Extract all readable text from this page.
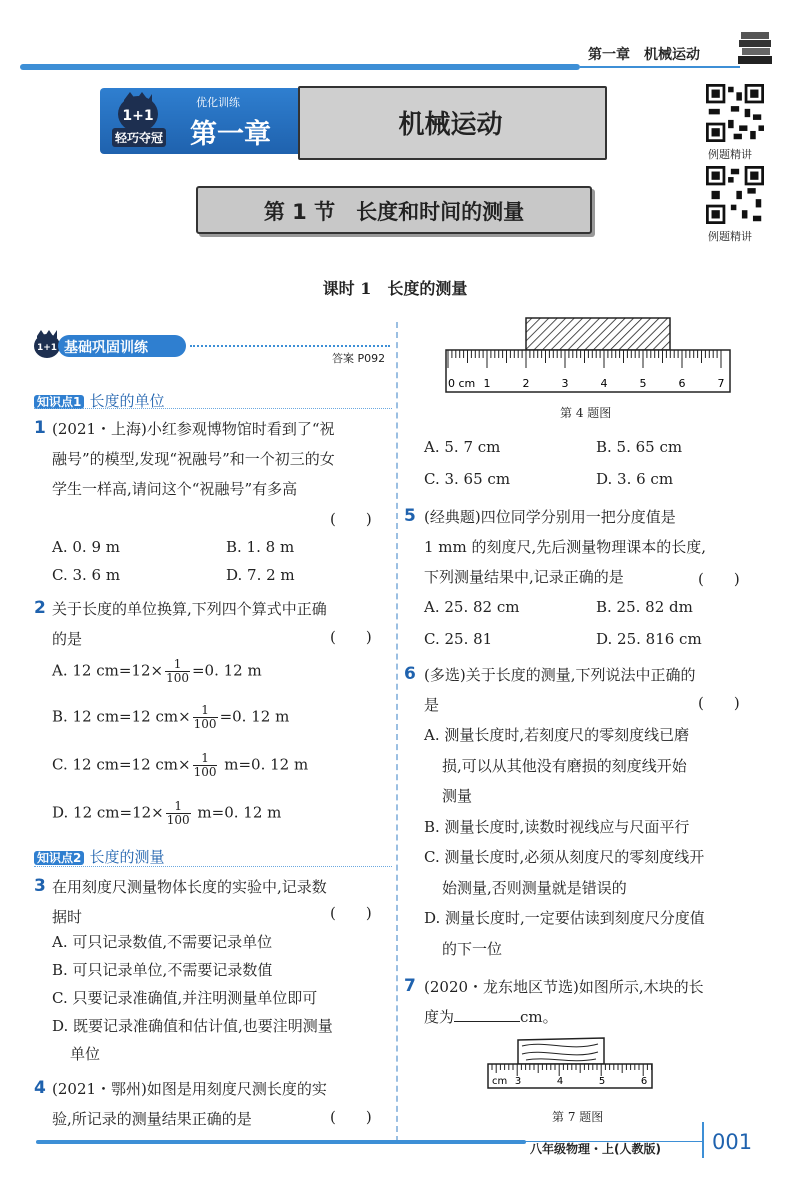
第一章　机械运动
1+1
轻巧夺冠
优化训练
第一章	机械运动
第 1 节　长度和时间的测量
例题精讲
例题精讲
课时 1　长度的测量
1+1 基础巩固训练
答案 P092
知识点1 长度的单位
1 (2021・上海)小红参观博物馆时看到了“祝
融号”的模型,发现“祝融号”和一个初三的女
学生一样高,请问这个“祝融号”有多高
(　　)
A. 0. 9 m	B. 1. 8 m
C. 3. 6 m	D. 7. 2 m
2 关于长度的单位换算,下列四个算式中正确
的是	(　　)
A. 12 $cm=12\times \frac{1}{100} =0$. 12 m
B. 12 cm=12 $cm\times \frac{1}{100} =0$. 12 m
C. 12 cm=12 $cm\times \frac{1}{100} m=0$. 12 m
D. 12 $cm=12\times \frac{1}{100} m=0$. 12 m
知识点2 长度的测量
3 在用刻度尺测量物体长度的实验中,记录数
据时	(　　)
A. 可只记录数值,不需要记录单位
B. 可只记录单位,不需要记录数值
C. 只要记录准确值,并注明测量单位即可
D. 既要记录准确值和估计值,也要注明测量
单位
4 (2021・鄂州)如图是用刻度尺测长度的实
验,所记录的测量结果正确的是	(　　)
0 cm 1	2	3	4	5	6	7
第 4 题图
A. 5. 7 cm	B. 5. 65 cm
C. 3. 65 cm	D. 3. 6 cm
5 (经典题)四位同学分别用一把分度值是
1 mm 的刻度尺,先后测量物理课本的长度,
下列测量结果中,记录正确的是	(　　)
A. 25. 82 cm	B. 25. 82 dm
C. 25. 81	D. 25. 816 cm
6 (多选)关于长度的测量,下列说法中正确的
是	(　　)
A. 测量长度时,若刻度尺的零刻度线已磨
损,可以从其他没有磨损的刻度线开始
测量
B. 测量长度时,读数时视线应与尺面平行
C. 测量长度时,必须从刻度尺的零刻度线开
始测量,否则测量就是错误的
D. 测量长度时,一定要估读到刻度尺分度值
的下一位
7 (2020・龙东地区节选)如图所示,木块的长
度为	cm。
cm 3	4	5	6
第 7 题图
八年级物理・上(人教版) 001
